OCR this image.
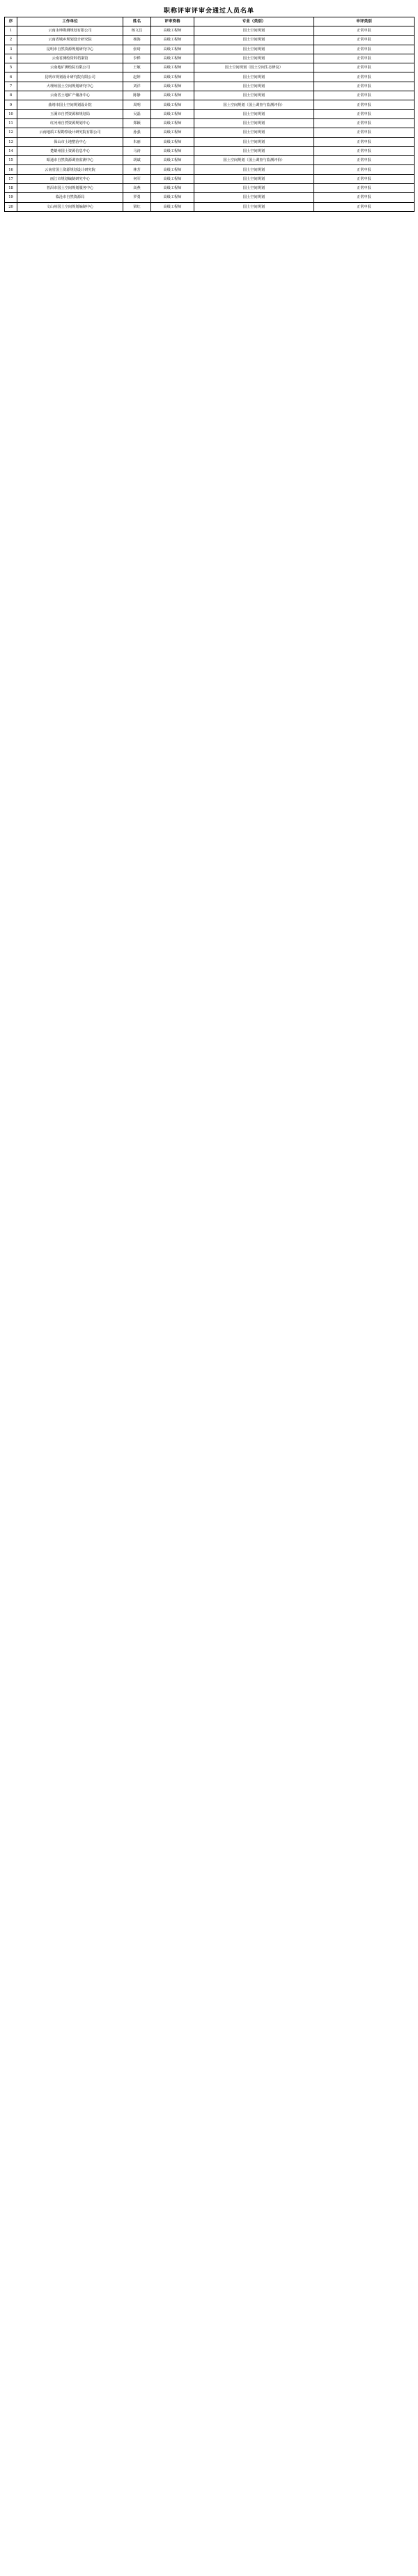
职称评审评审会通过人员名单
序	工作单位	姓名	评审资格	专业（类别）	申评类别
1	云南永坤勘测规划有限公司	杨文昌	高级工程师	国土空间规划	正常申报
2	云南省城乡规划设计研究院	杨海	高级工程师	国土空间规划	正常申报
3	昆明市自然资源规划研究中心	张琦	高级工程师	国土空间规划	正常申报
4	云南省测绘资料档案馆	李桦	高级工程师	国土空间规划	正常申报
5	云南地矿测绘院有限公司	王敏	高级工程师	国土空间规划（国土空间生态修复）	正常申报
6	昆明市规划设计研究院有限公司	赵婷	高级工程师	国土空间规划	正常申报
7	大理州国土空间规划研究中心	刘洋	高级工程师	国土空间规划	正常申报
8	云南省土地矿产储备中心	陈静	高级工程师	国土空间规划	正常申报
9	曲靖市国土空间规划设计院	周明	高级工程师	国土空间规划（国土调查与监测评价）	正常申报
10	玉溪市自然资源和规划局	吴磊	高级工程师	国土空间规划	正常申报
11	红河州自然资源规划中心	郑颖	高级工程师	国土空间规划	正常申报
12	云南地质工程勘察设计研究院有限公司	孙强	高级工程师	国土空间规划	正常申报
13	保山市土地整治中心	朱丽	高级工程师	国土空间规划	正常申报
14	楚雄州国土资源信息中心	马涛	高级工程师	国土空间规划	正常申报
15	昭通市自然资源调查监测中心	胡斌	高级工程师	国土空间规划（国土调查与监测评价）	正常申报
16	云南省国土资源规划设计研究院	林芳	高级工程师	国土空间规划	正常申报
17	丽江市规划编制研究中心	何军	高级工程师	国土空间规划	正常申报
18	普洱市国土空间规划服务中心	高燕	高级工程师	国土空间规划	正常申报
19	临沧市自然资源局	罗勇	高级工程师	国土空间规划	正常申报
20	文山州国土空间规划编制中心	梁红	高级工程师	国土空间规划	正常申报
